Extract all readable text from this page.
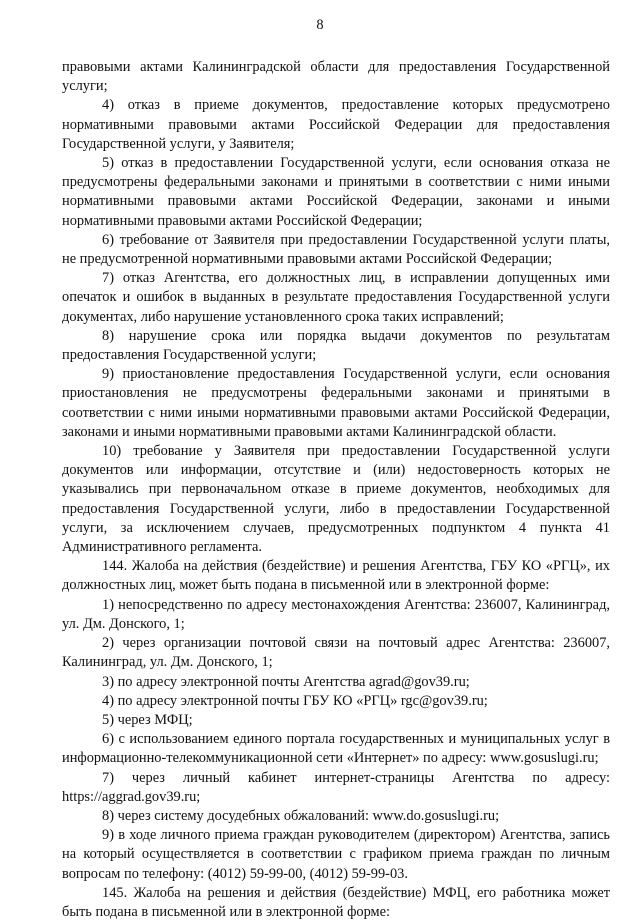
8

правовыми актами Калининградской области для предоставления Государственной услуги;

4) отказ в приеме документов, предоставление которых предусмотрено нормативными правовыми актами Российской Федерации для предоставления Государственной услуги, у Заявителя;

5) отказ в предоставлении Государственной услуги, если основания отказа не предусмотрены федеральными законами и принятыми в соответствии с ними иными нормативными правовыми актами Российской Федерации, законами и иными нормативными правовыми актами Российской Федерации;

6) требование от Заявителя при предоставлении Государственной услуги платы, не предусмотренной нормативными правовыми актами Российской Федерации;

7) отказ Агентства, его должностных лиц, в исправлении допущенных ими опечаток и ошибок в выданных в результате предоставления Государственной услуги документах, либо нарушение установленного срока таких исправлений;

8) нарушение срока или порядка выдачи документов по результатам предоставления Государственной услуги;

9) приостановление предоставления Государственной услуги, если основания приостановления не предусмотрены федеральными законами и принятыми в соответствии с ними иными нормативными правовыми актами Российской Федерации, законами и иными нормативными правовыми актами Калининградской области.

10) требование у Заявителя при предоставлении Государственной услуги документов или информации, отсутствие и (или) недостоверность которых не указывались при первоначальном отказе в приеме документов, необходимых для предоставления Государственной услуги, либо в предоставлении Государственной услуги, за исключением случаев, предусмотренных подпунктом 4 пункта 41 Административного регламента.

144. Жалоба на действия (бездействие) и решения Агентства, ГБУ КО «РГЦ», их должностных лиц, может быть подана в письменной или в электронной форме:

1) непосредственно по адресу местонахождения Агентства: 236007, Калининград, ул. Дм. Донского, 1;

2) через организации почтовой связи на почтовый адрес Агентства: 236007, Калининград, ул. Дм. Донского, 1;

3) по адресу электронной почты Агентства agrad@gov39.ru;

4) по адресу электронной почты ГБУ КО «РГЦ» rgc@gov39.ru;

5) через МФЦ;

6) с использованием единого портала государственных и муниципальных услуг в информационно-телекоммуникационной сети «Интернет» по адресу: www.gosuslugi.ru;

7) через личный кабинет интернет-страницы Агентства по адресу: https://aggrad.gov39.ru;

8) через систему досудебных обжалований: www.do.gosuslugi.ru;

9) в ходе личного приема граждан руководителем (директором) Агентства, запись на который осуществляется в соответствии с графиком приема граждан по личным вопросам по телефону: (4012) 59-99-00, (4012) 59-99-03.

145. Жалоба на решения и действия (бездействие) МФЦ, его работника может быть подана в письменной или в электронной форме:
